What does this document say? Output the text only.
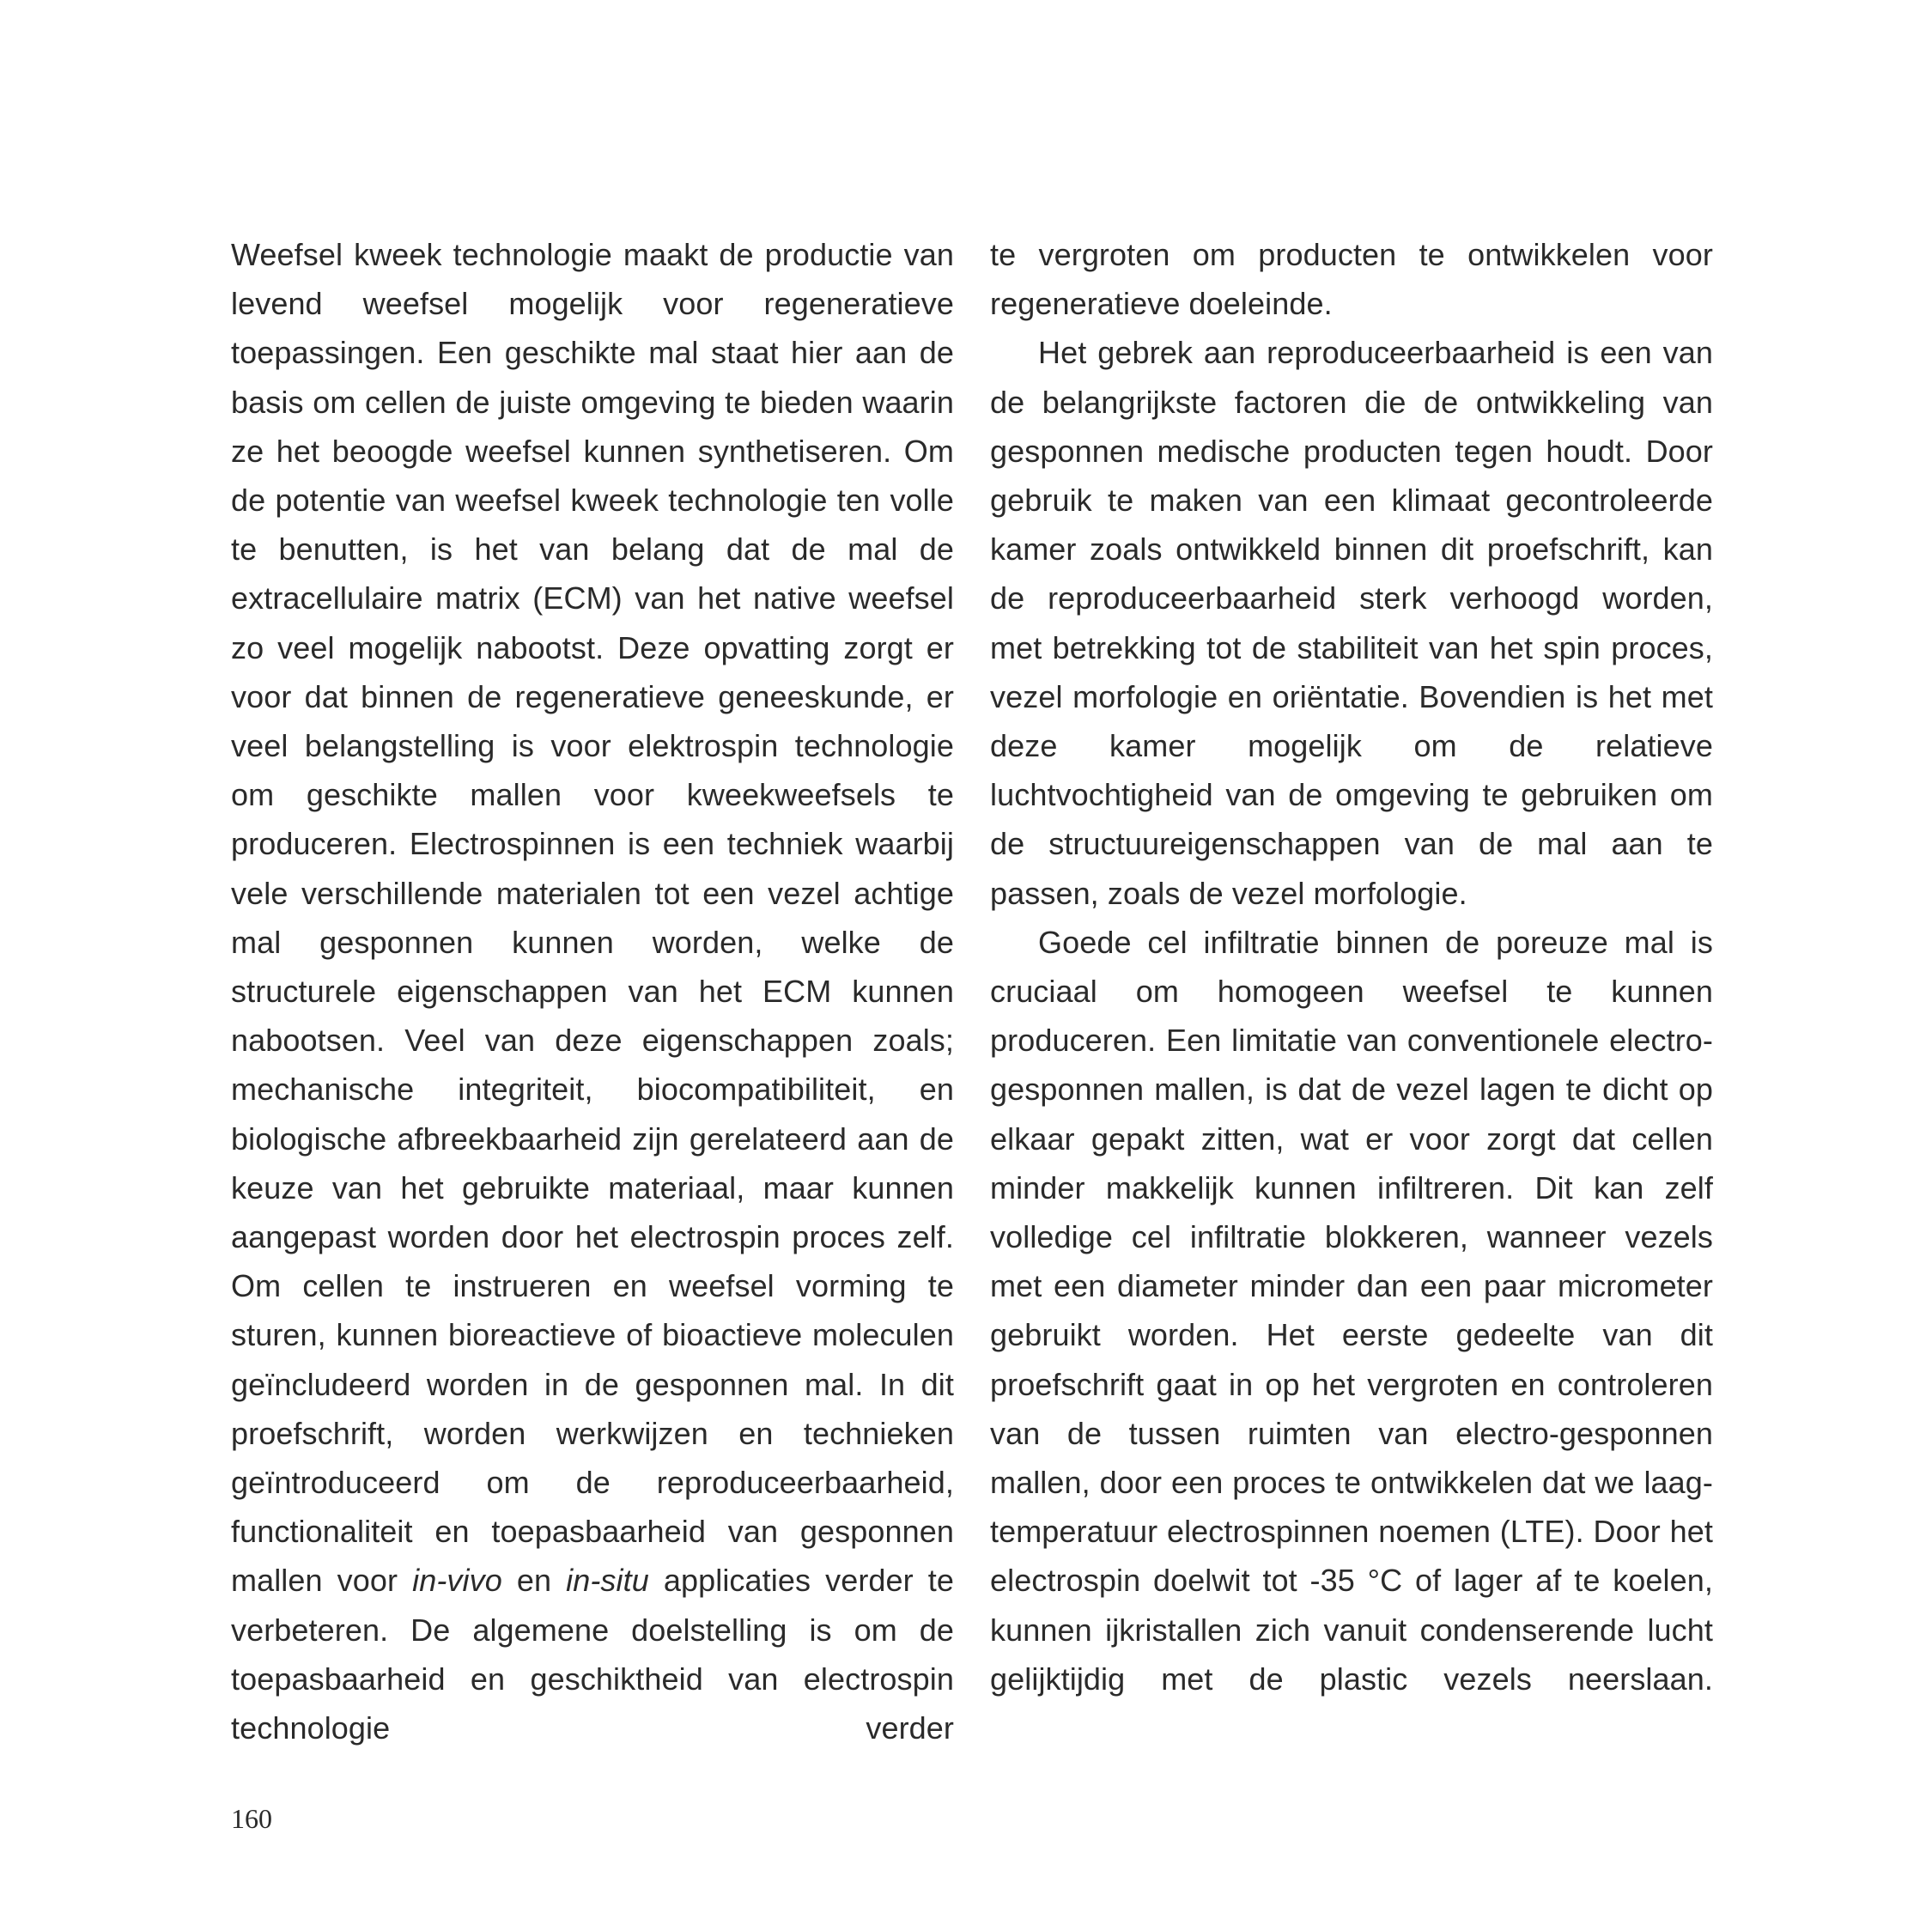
Weefsel kweek technologie maakt de productie van levend weefsel mogelijk voor regeneratieve toepassingen. Een geschikte mal staat hier aan de basis om cellen de juiste omgeving te bieden waarin ze het beoogde weefsel kunnen synthetiseren. Om de potentie van weefsel kweek technologie ten volle te benutten, is het van belang dat de mal de extracellulaire matrix (ECM) van het native weefsel zo veel mogelijk nabootst. Deze opvatting zorgt er voor dat binnen de regeneratieve geneeskunde, er veel belangstelling is voor elektrospin technologie om geschikte mallen voor kweekweefsels te produceren. Electrospinnen is een techniek waarbij vele verschillende materialen tot een vezel achtige mal gesponnen kunnen worden, welke de structurele eigenschappen van het ECM kunnen nabootsen. Veel van deze eigenschappen zoals; mechanische integriteit, biocompatibiliteit, en biologische afbreekbaarheid zijn gerelateerd aan de keuze van het gebruikte materiaal, maar kunnen aangepast worden door het electrospin proces zelf. Om cellen te instrueren en weefsel vorming te sturen, kunnen bioreactieve of bioactieve moleculen geïncludeerd worden in de gesponnen mal. In dit proefschrift, worden werkwijzen en technieken geïntroduceerd om de reproduceerbaarheid, functionaliteit en toepasbaarheid van gesponnen mallen voor in-vivo en in-situ applicaties verder te verbeteren. De algemene doelstelling is om de toepasbaarheid en geschiktheid van electrospin technologie verder

te vergroten om producten te ontwikkelen voor regeneratieve doeleinde.

Het gebrek aan reproduceerbaarheid is een van de belangrijkste factoren die de ontwikkeling van gesponnen medische producten tegen houdt. Door gebruik te maken van een klimaat gecontroleerde kamer zoals ontwikkeld binnen dit proefschrift, kan de reproduceerbaarheid sterk verhoogd worden, met betrekking tot de stabiliteit van het spin proces, vezel morfologie en oriëntatie. Bovendien is het met deze kamer mogelijk om de relatieve luchtvochtigheid van de omgeving te gebruiken om de structuureigenschappen van de mal aan te passen, zoals de vezel morfologie.

Goede cel infiltratie binnen de poreuze mal is cruciaal om homogeen weefsel te kunnen produceren. Een limitatie van conventionele electro-gesponnen mallen, is dat de vezel lagen te dicht op elkaar gepakt zitten, wat er voor zorgt dat cellen minder makkelijk kunnen infiltreren. Dit kan zelf volledige cel infiltratie blokkeren, wanneer vezels met een diameter minder dan een paar micrometer gebruikt worden. Het eerste gedeelte van dit proefschrift gaat in op het vergroten en controleren van de tussen ruimten van electro-gesponnen mallen, door een proces te ontwikkelen dat we laag-temperatuur electrospinnen noemen (LTE). Door het electrospin doelwit tot -35 °C of lager af te koelen, kunnen ijkristallen zich vanuit condenserende lucht gelijktijdig met de plastic vezels neerslaan.

160
